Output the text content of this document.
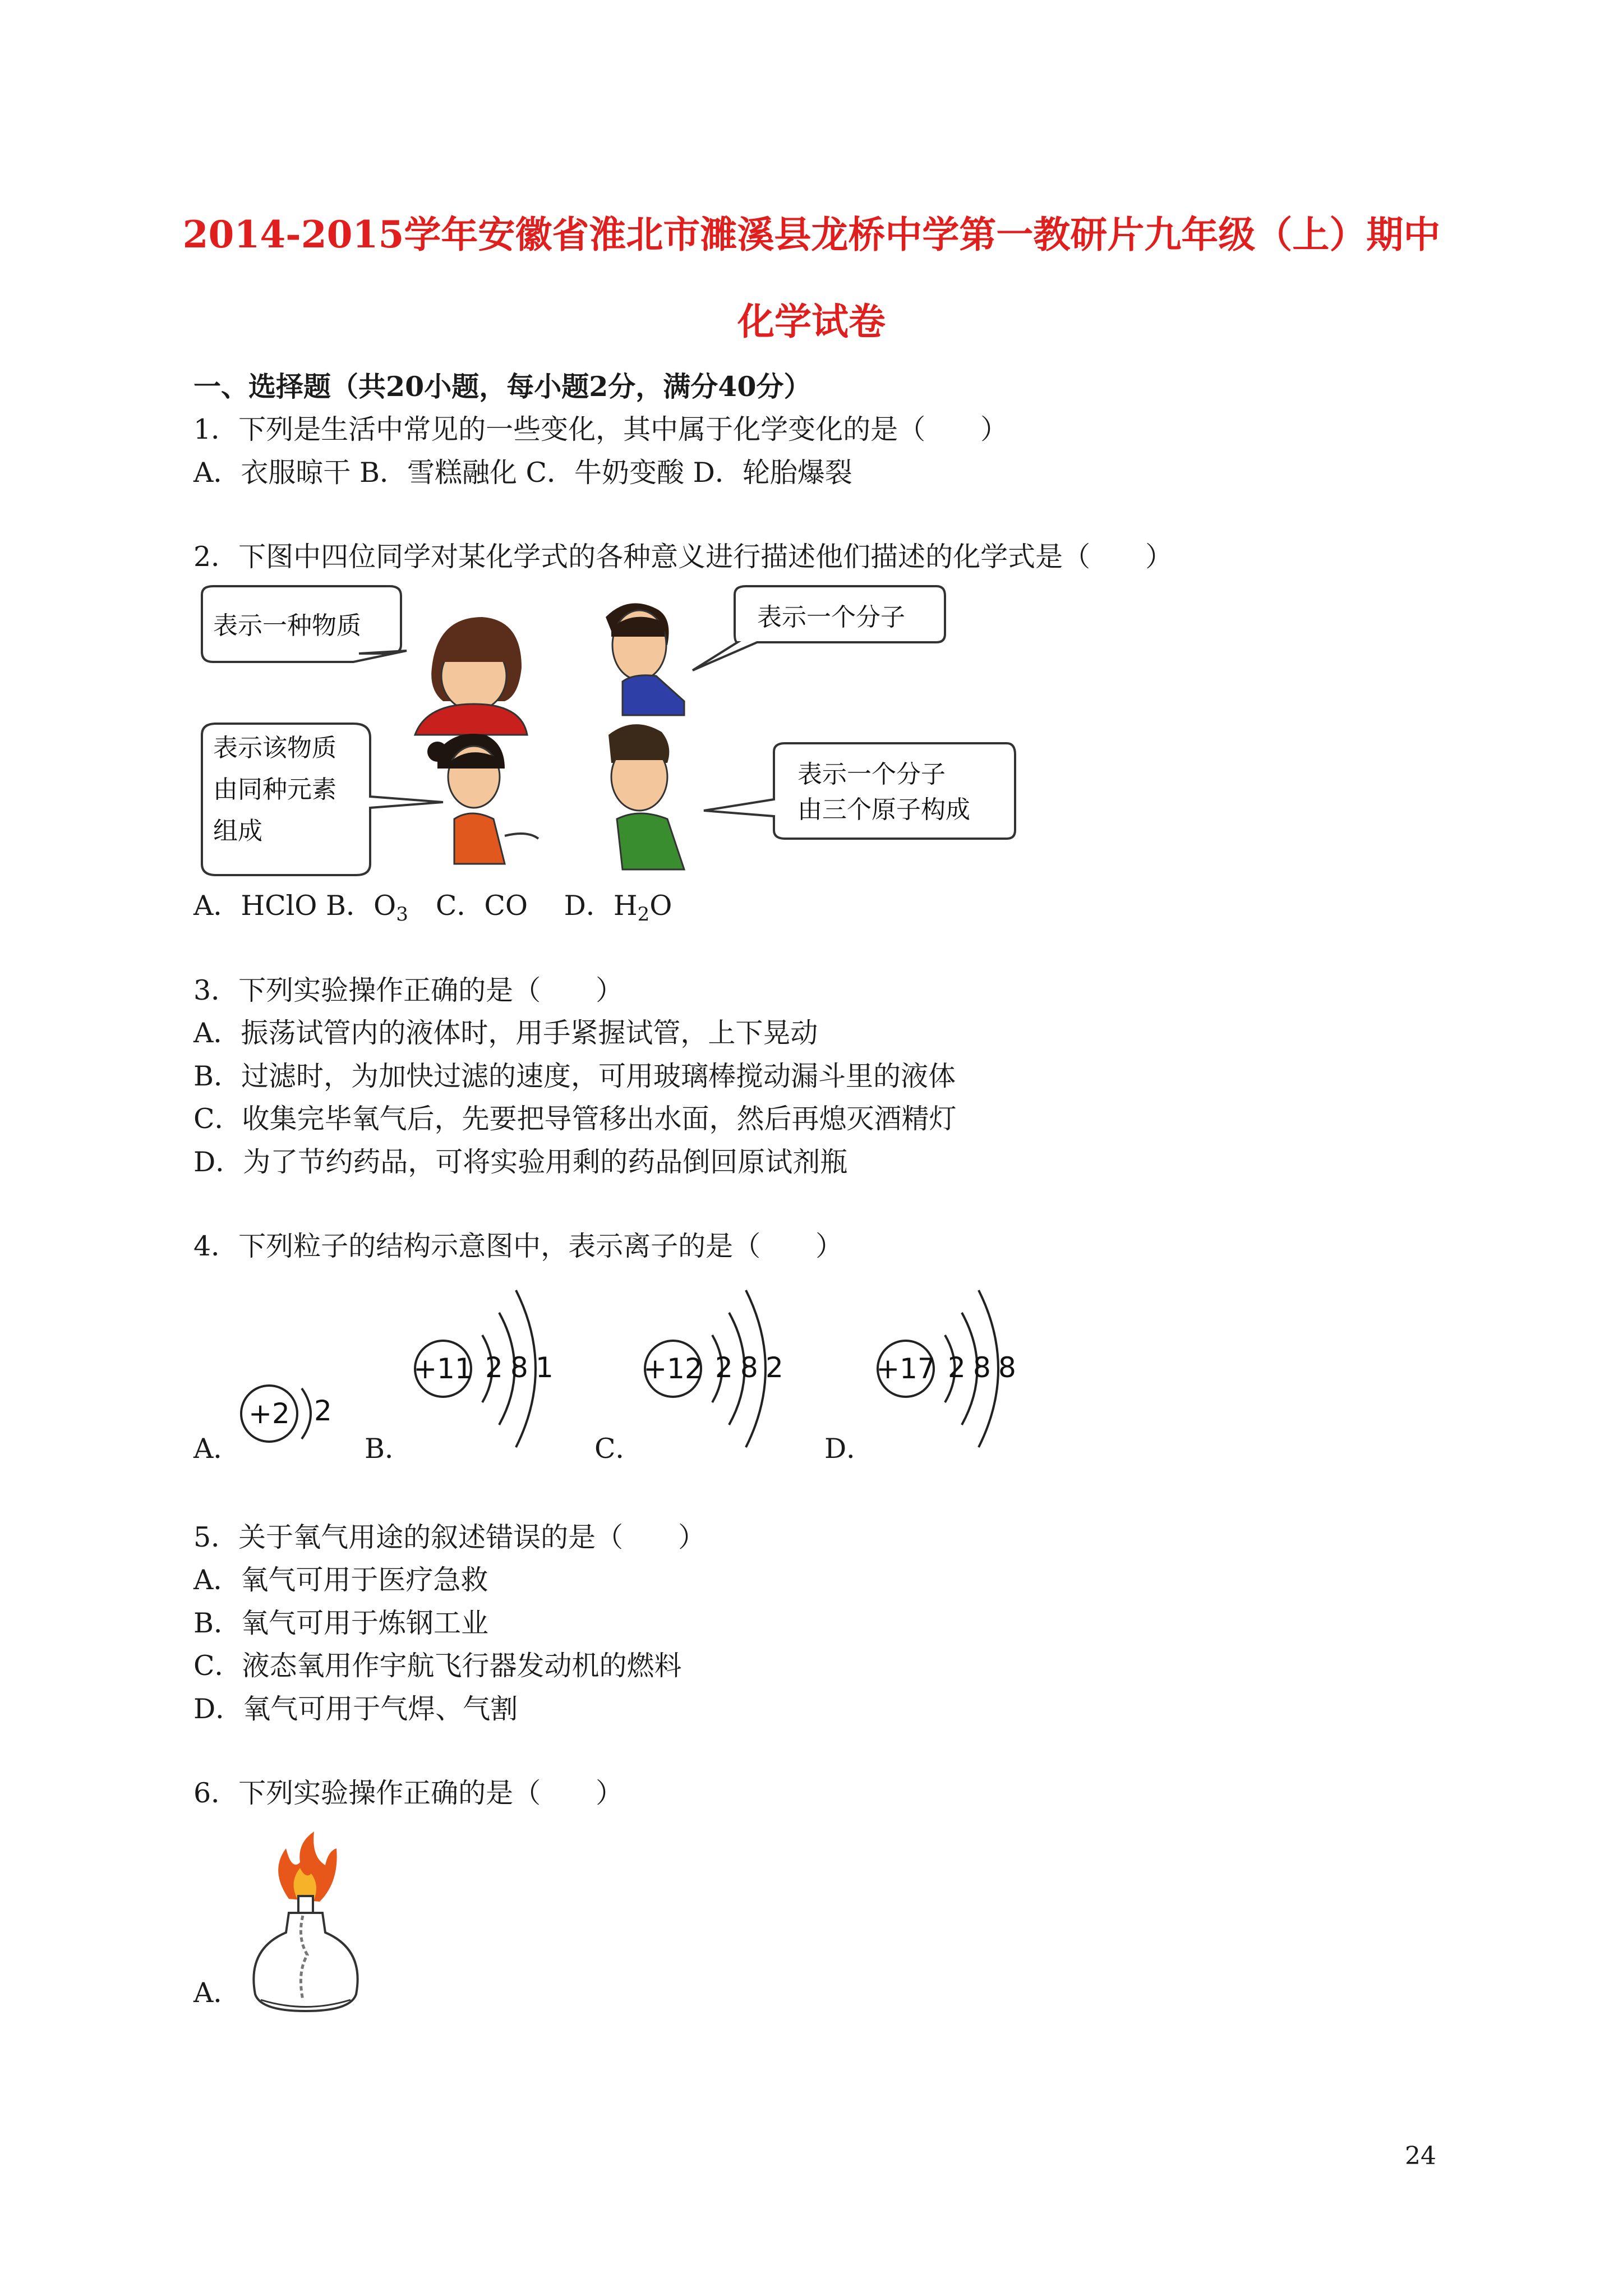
2014-2015学年安徽省淮北市濉溪县龙桥中学第一教研片九年级（上）期中
化学试卷
一、选择题（共20小题，每小题2分，满分40分）
1．下列是生活中常见的一些变化，其中属于化学变化的是（　　）
A．衣服晾干 B．雪糕融化 C．牛奶变酸 D．轮胎爆裂
2．下图中四位同学对某化学式的各种意义进行描述他们描述的化学式是（　　）
表示一种物质	表示一个分子
表示该物质
由同种元素
组成
表示一个分子
由三个原子构成
A．HClO B．$O_3$　C．CO　 D．$H_2O$
3．下列实验操作正确的是（　　）
A．振荡试管内的液体时，用手紧握试管，上下晃动
B．过滤时，为加快过滤的速度，可用玻璃棒搅动漏斗里的液体
C．收集完毕氧气后，先要把导管移出水面，然后再熄灭酒精灯
D．为了节约药品，可将实验用剩的药品倒回原试剂瓶
4．下列粒子的结构示意图中，表示离子的是（　　）
A．	B．	C．	D．
+2 2
+11 2 8 1	+12 2 8 2	+17 2 8 8
5．关于氧气用途的叙述错误的是（　　）
A．氧气可用于医疗急救
B．氧气可用于炼钢工业
C．液态氧用作宇航飞行器发动机的燃料
D．氧气可用于气焊、气割
6．下列实验操作正确的是（　　）
A．
24
